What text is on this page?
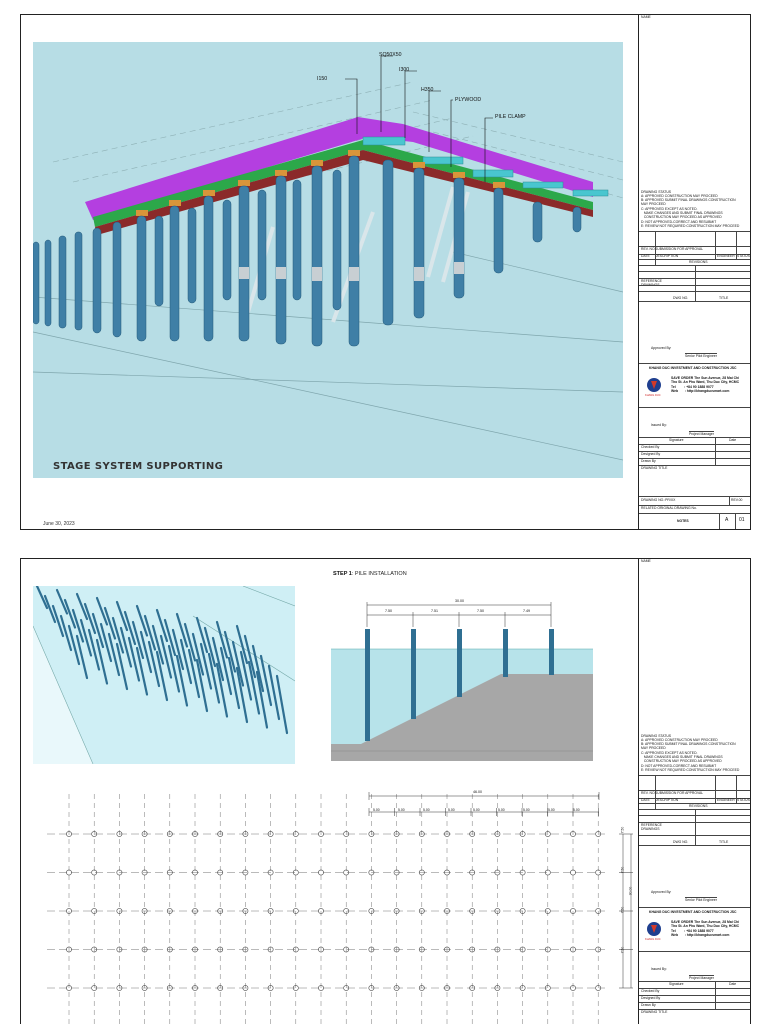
I150
SQ50X50
I300
H350
PLYWOOD
PILE CLAMP
STAGE SYSTEM SUPPORTING
June 30, 2023
NAME

DRAWING STATUS
A: APPROVED CONSTRUCTION MAY PROCEED
B: APPROVED SUBMIT FINAL DRAWINGS CONSTRUCTION
MAY PROCEED
C: APPROVED EXCEPT AS NOTED.
MAKE CHANGES AND SUBMIT FINAL DRAWINGS
CONSTRUCTION MAY PROCEED AS APPROVED
D: NOT APPROVED-CORRECT AND RESUBMIT
E: REVIEW NOT REQUIRED CONSTRUCTION MAY PROCEED

REV. NO. SUBMISSION FOR APPROVAL
DATE DESCRIPTION	ENGINEER STATUS
REVISIONS
REFERENCE
DRAWINGS
DWG NO.	TITLE
Approved By:
Senior Pilot Engineer
KHANG DUC INVESTMENT AND CONSTRUCTION JSC
KHANG DUC
SAVE ORDER The Sun Avenue, 28 Mai Chi
Tho St. An Phu Ward, Thu Duc City, HCMC
Tel         : +84 90 1888 9077
Web       : http://khangducsmart.com
Issued By:
Project Manager
Signature	Date
Checked By
Designed By
Drawn By
DRAWING TITLE
DRAWING NO.:PR/XX	REV.00
RELATED ORIGINAL DRAWING No.
NOTES	A 01
STEP 1: PILE INSTALLATION
30.00
7.50	7.51	7.50	7.49
46.00
5.00	5.00	5.00	5.00	5.00	5.00	5.00	5.00	5.00
7.50
7.50
7.50
7.50
30.00
NAME

DRAWING STATUS
A: APPROVED CONSTRUCTION MAY PROCEED
B: APPROVED SUBMIT FINAL DRAWINGS CONSTRUCTION
MAY PROCEED
C: APPROVED EXCEPT AS NOTED.
MAKE CHANGES AND SUBMIT FINAL DRAWINGS
CONSTRUCTION MAY PROCEED AS APPROVED
D: NOT APPROVED-CORRECT AND RESUBMIT
E: REVIEW NOT REQUIRED CONSTRUCTION MAY PROCEED

REV. NO. SUBMISSION FOR APPROVAL
DATE DESCRIPTION	ENGINEER STATUS
REVISIONS
REFERENCE
DRAWINGS
DWG NO.	TITLE
Approved By:
Senior Pilot Engineer
KHANG DUC INVESTMENT AND CONSTRUCTION JSC
KHANG DUC
SAVE ORDER The Sun Avenue, 28 Mai Chi
Tho St. An Phu Ward, Thu Duc City, HCMC
Tel         : +84 90 1888 9077
Web       : http://khangducsmart.com
Issued By:
Project Manager
Signature	Date
Checked By
Designed By
Drawn By
DRAWING TITLE
